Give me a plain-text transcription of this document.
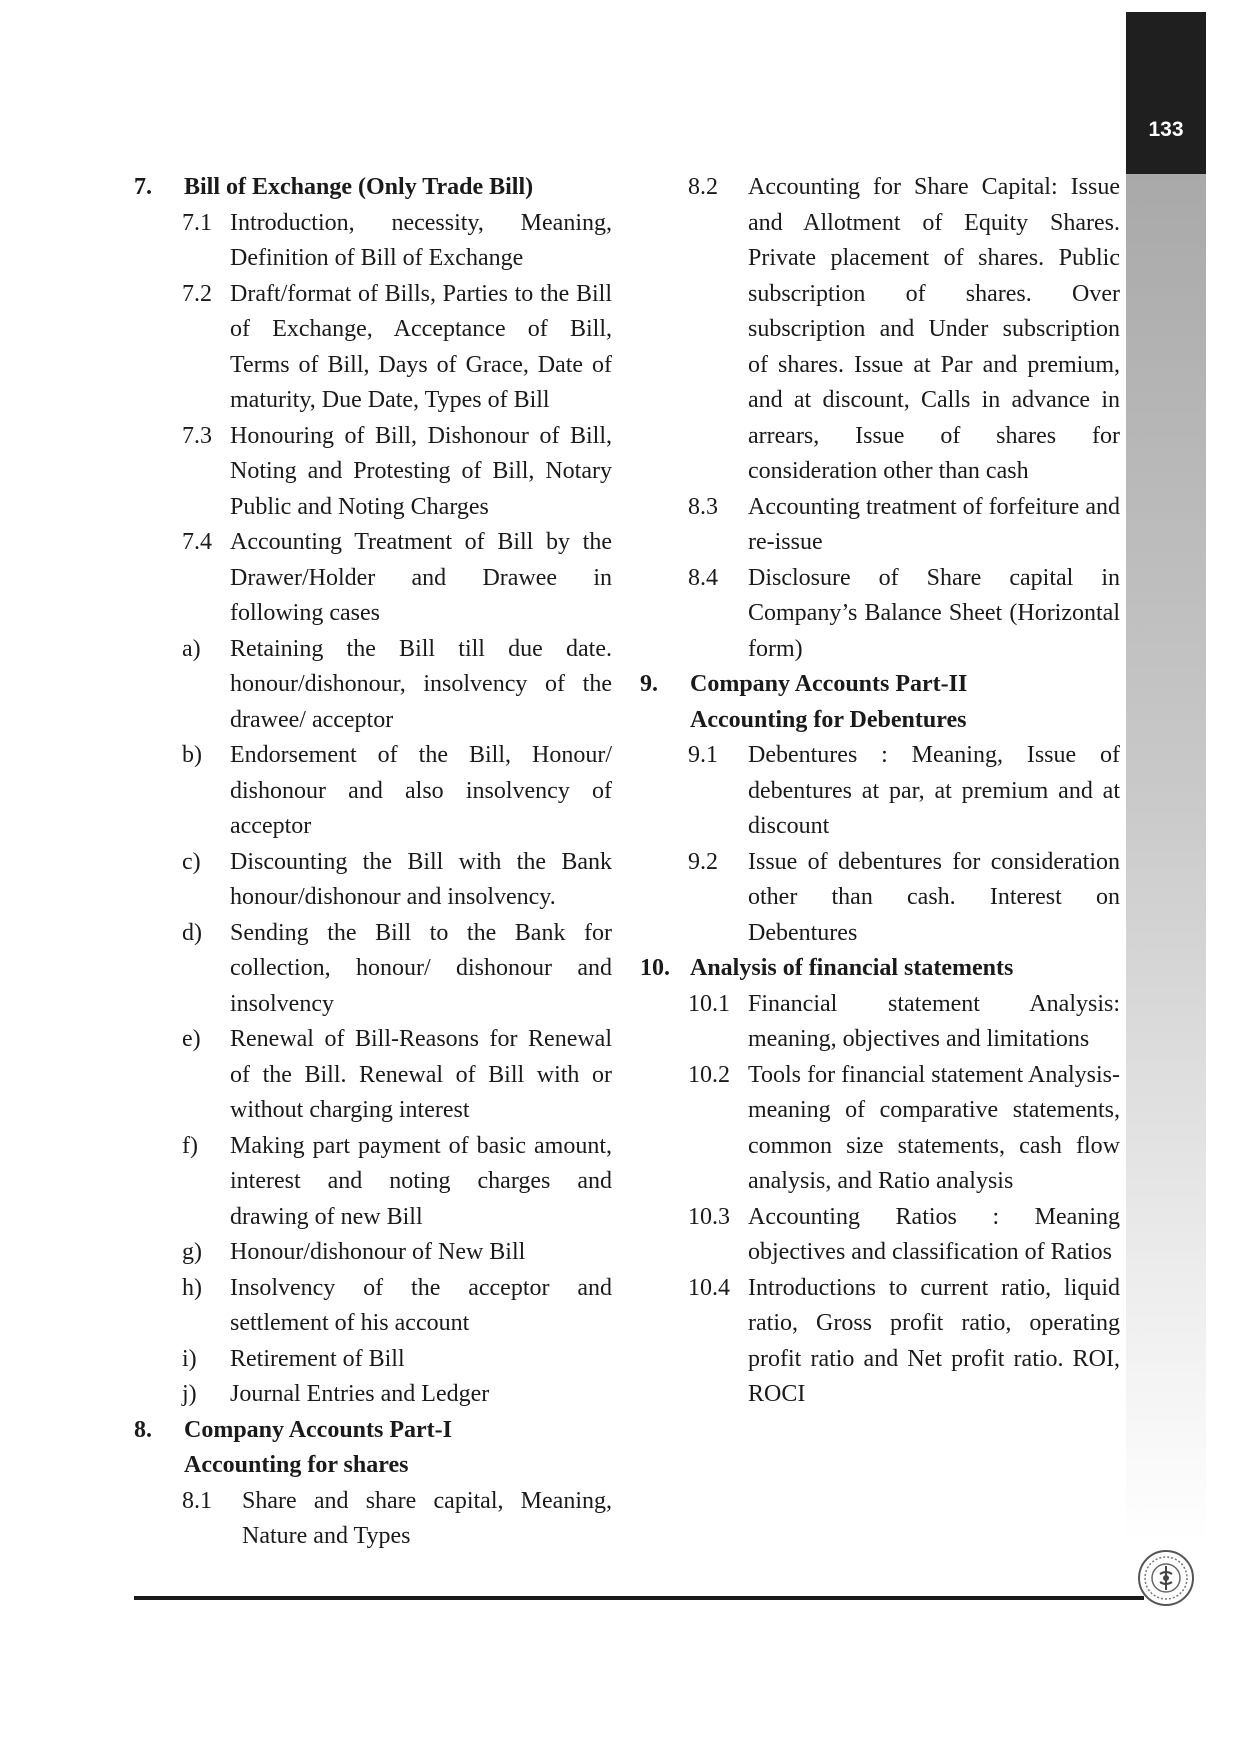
133
7.	Bill of Exchange (Only Trade Bill)
7.1 Introduction, necessity, Meaning, Definition of Bill of Exchange
7.2 Draft/format of Bills, Parties to the Bill of Exchange, Acceptance of Bill, Terms of Bill, Days of Grace, Date of maturity, Due Date, Types of Bill
7.3 Honouring of Bill, Dishonour of Bill, Noting and Protesting of Bill, Notary Public and Noting Charges
7.4 Accounting Treatment of Bill by the Drawer/Holder and Drawee in following cases
a)	Retaining the Bill till due date. honour/dishonour, insolvency of the drawee/ acceptor
b)	Endorsement of the Bill, Honour/ dishonour and also insolvency of acceptor
c)	Discounting the Bill with the Bank honour/dishonour and insolvency.
d)	Sending the Bill to the Bank for collection, honour/ dishonour and insolvency
e)	Renewal of Bill-Reasons for Renewal of the Bill. Renewal of Bill with or without charging interest
f)	Making part payment of basic amount, interest and noting charges and drawing of new Bill
g)	Honour/dishonour of New Bill
h)	Insolvency of the acceptor and settlement of his account
i)	Retirement of Bill
j)	Journal Entries and Ledger
8.	Company Accounts Part-I
Accounting for shares
8.1	Share and share capital, Meaning, Nature and Types
8.2	Accounting for Share Capital: Issue and Allotment of Equity Shares. Private placement of shares. Public subscription of shares. Over subscription and Under subscription of shares. Issue at Par and premium, and at discount, Calls in advance in arrears, Issue of shares for consideration other than cash
8.3	Accounting treatment of forfeiture and re-issue
8.4	Disclosure of Share capital in Company’s Balance Sheet (Horizontal form)
9.	Company Accounts Part-II
Accounting for Debentures
9.1	Debentures : Meaning, Issue of debentures at par, at premium and at discount
9.2	Issue of debentures for consideration other than cash. Interest on Debentures
10. Analysis of financial statements
10.1 Financial statement Analysis: meaning, objectives and limitations
10.2 Tools for financial statement Analysis-meaning of comparative statements, common size statements, cash flow analysis, and Ratio analysis
10.3 Accounting Ratios : Meaning objectives and classification of Ratios
10.4 Introductions to current ratio, liquid ratio, Gross profit ratio, operating profit ratio and Net profit ratio. ROI, ROCI
